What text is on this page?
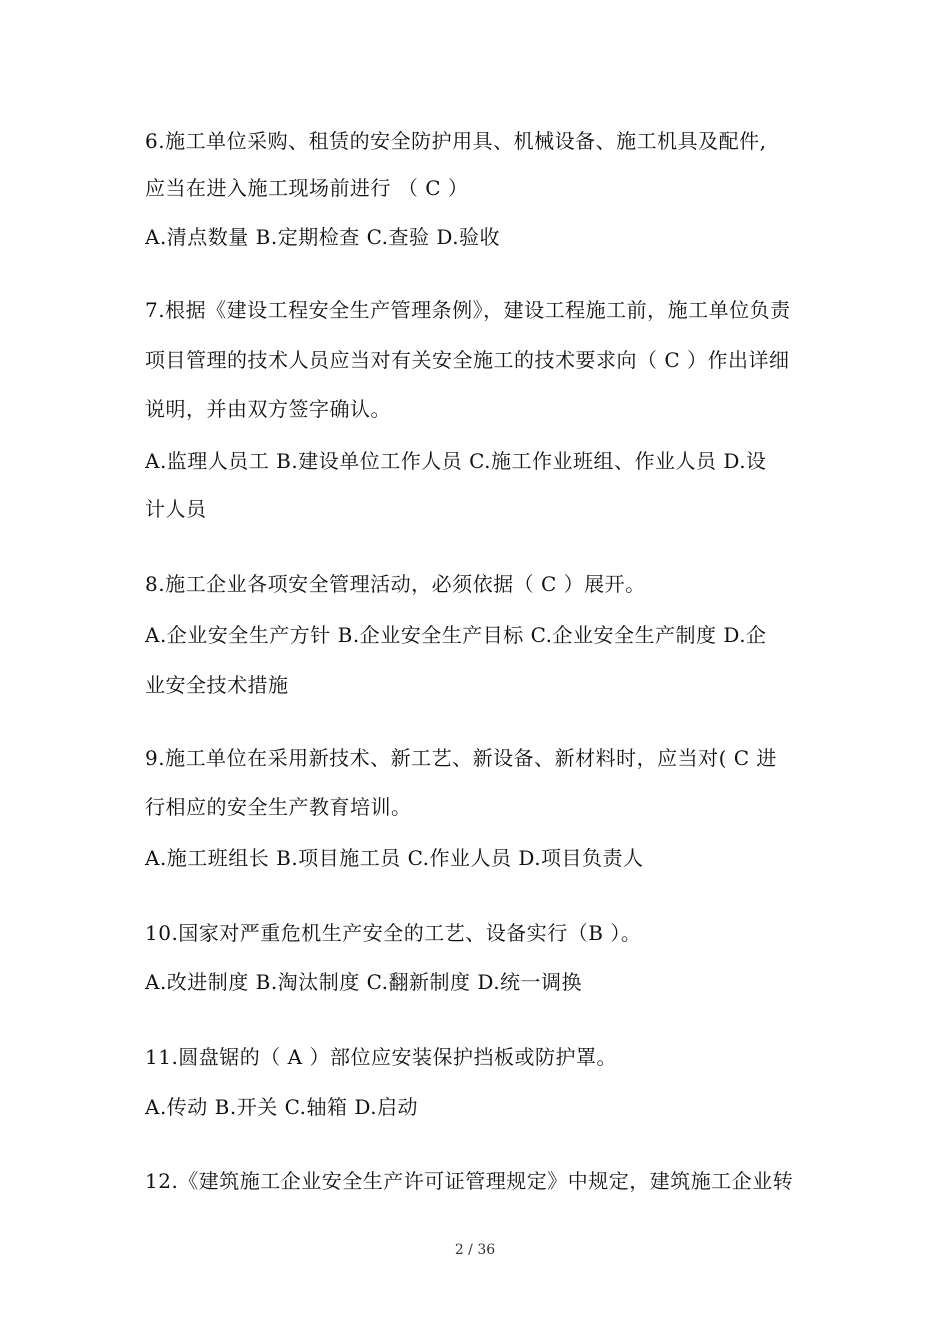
6.施工单位采购、租赁的安全防护用具、机械设备、施工机具及配件,
应当在进入施工现场前进行 （ C ）
A.清点数量 B.定期检查 C.查验 D.验收
7.根据《建设工程安全生产管理条例》，建设工程施工前，施工单位负责
项目管理的技术人员应当对有关安全施工的技术要求向（ C ）作出详细
说明，并由双方签字确认。
A.监理人员工 B.建设单位工作人员 C.施工作业班组、作业人员 D.设
计人员
8.施工企业各项安全管理活动，必须依据（ C ）展开。
A.企业安全生产方针 B.企业安全生产目标 C.企业安全生产制度 D.企
业安全技术措施
9.施工单位在采用新技术、新工艺、新设备、新材料时，应当对( C 进
行相应的安全生产教育培训。
A.施工班组长 B.项目施工员 C.作业人员 D.项目负责人
10.国家对严重危机生产安全的工艺、设备实行（B ）。
A.改进制度 B.淘汰制度 C.翻新制度 D.统一调换
11.圆盘锯的（ A ）部位应安装保护挡板或防护罩。
A.传动 B.开关 C.轴箱 D.启动
12.《建筑施工企业安全生产许可证管理规定》中规定，建筑施工企业转
2 / 36
